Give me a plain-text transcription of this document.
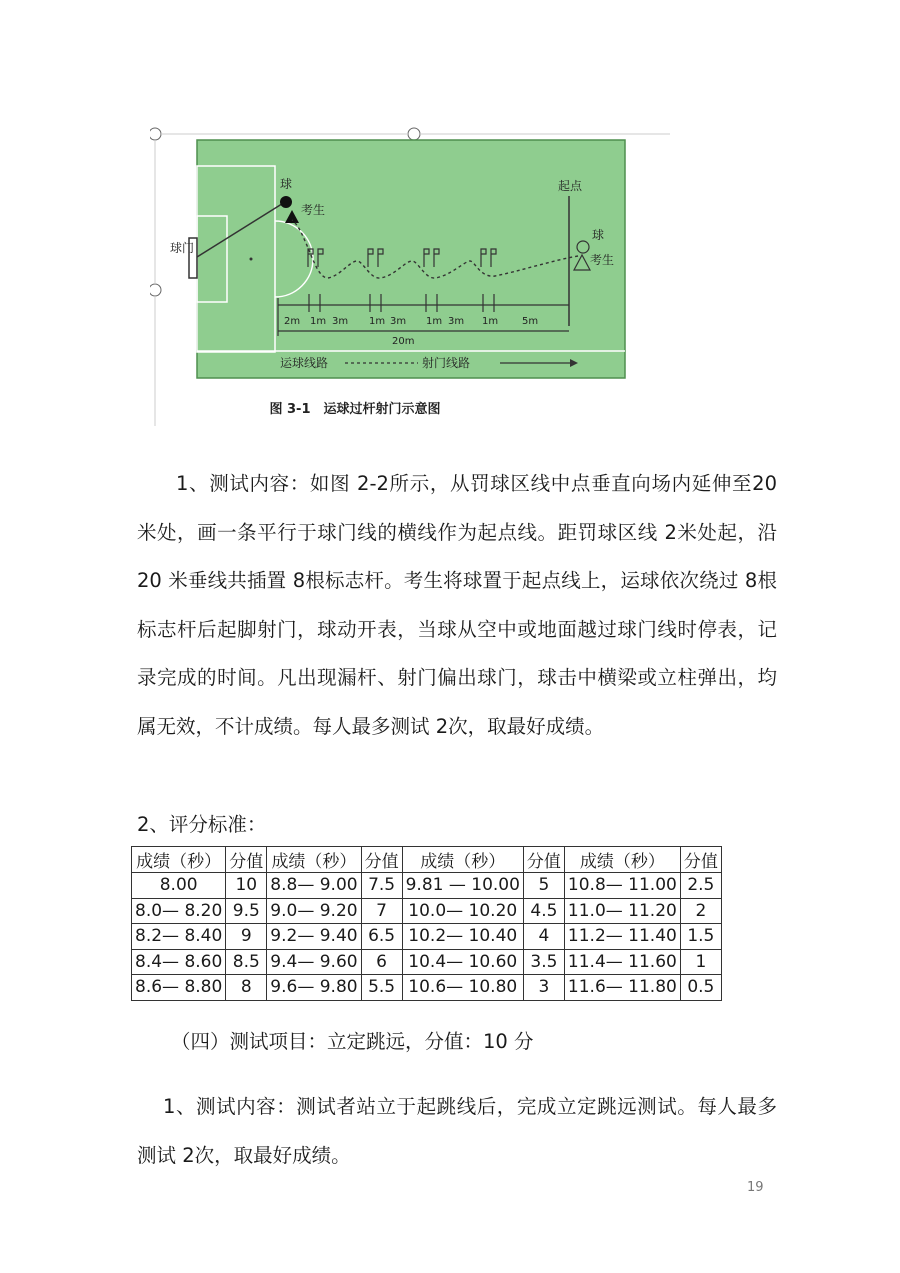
球
考生
球门
起点
球
考生
2m 1m 3m 1m 3m 1m 3m 1m 5m
20m
运球线路	射门线路
图 3-1　运球过杆射门示意图

1、测试内容：如图 2-2所示，从罚球区线中点垂直向场内延伸至20 米处，画一条平行于球门线的横线作为起点线。距罚球区线 2米处起，沿 20 米垂线共插置 8根标志杆。考生将球置于起点线上，运球依次绕过 8根标志杆后起脚射门，球动开表，当球从空中或地面越过球门线时停表，记录完成的时间。凡出现漏杆、射门偏出球门，球击中横梁或立柱弹出，均属无效，不计成绩。每人最多测试 2次，取最好成绩。

2、评分标准：
成绩（秒）	分值	成绩（秒）	分值	成绩（秒）	分值	成绩（秒）	分值
8.00	10	8.8— 9.00	7.5	9.81 — 10.00	5	10.8— 11.00	2.5
8.0— 8.20	9.5	9.0— 9.20	7	10.0— 10.20	4.5	11.0— 11.20	2
8.2— 8.40	9	9.2— 9.40	6.5	10.2— 10.40	4	11.2— 11.40	1.5
8.4— 8.60	8.5	9.4— 9.60	6	10.4— 10.60	3.5	11.4— 11.60	1
8.6— 8.80	8	9.6— 9.80	5.5	10.6— 10.80	3	11.6— 11.80	0.5
（四）测试项目：立定跳远，分值：10 分

1、测试内容：测试者站立于起跳线后，完成立定跳远测试。每人最多测试 2次，取最好成绩。

19
